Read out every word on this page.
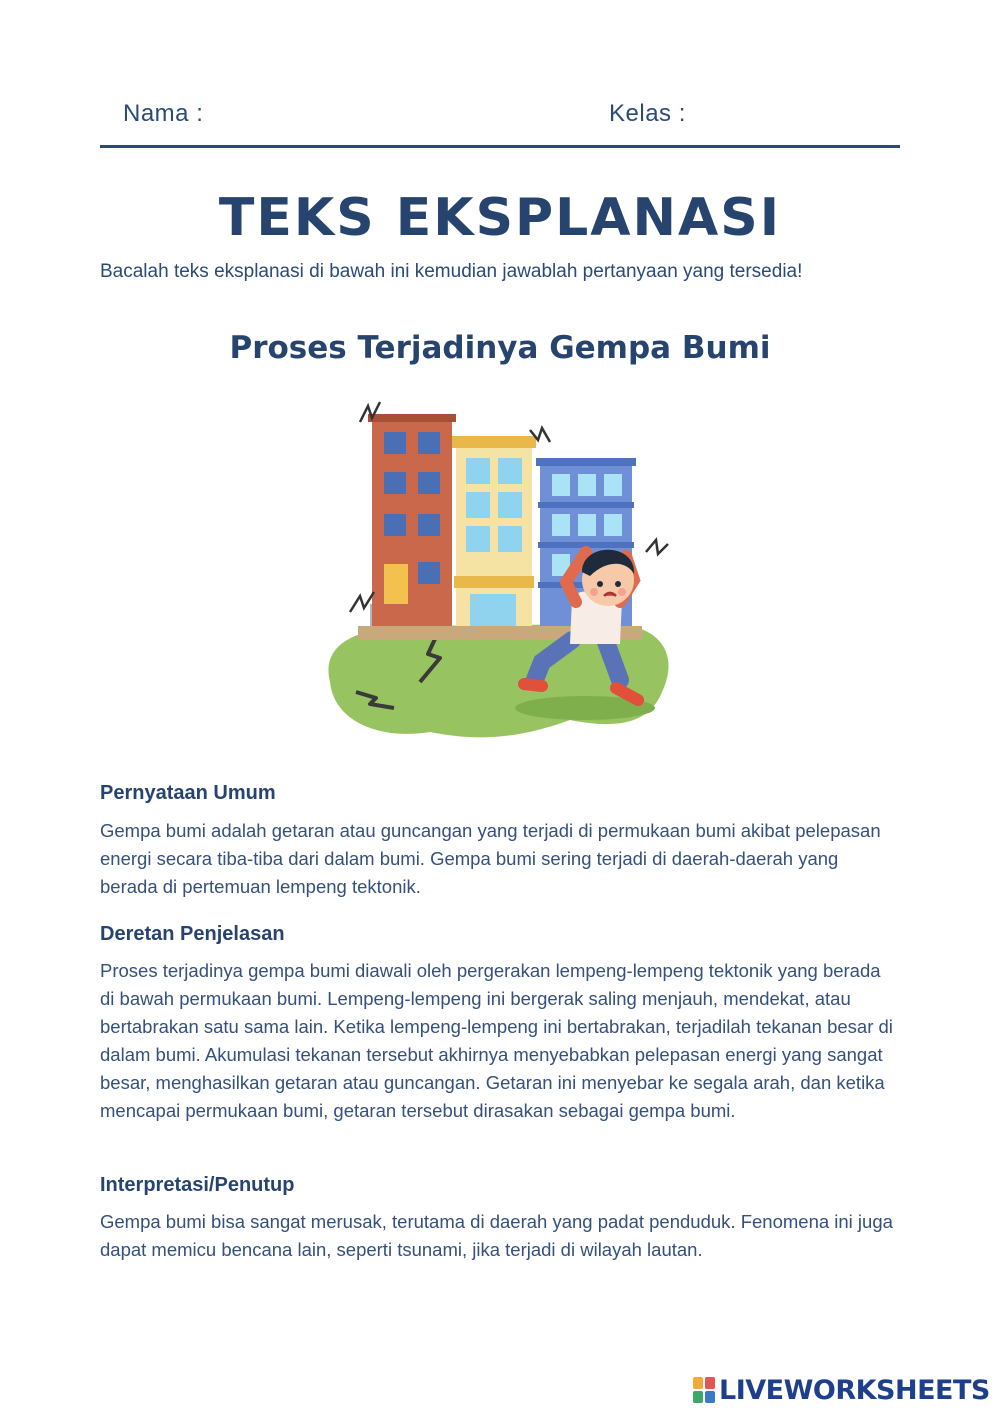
Nama :	Kelas :
TEKS EKSPLANASI
Bacalah teks eksplanasi di bawah ini kemudian jawablah pertanyaan yang tersedia!
Proses Terjadinya Gempa Bumi
Pernyataan Umum
Gempa bumi adalah getaran atau guncangan yang terjadi di permukaan bumi akibat pelepasan energi secara tiba-tiba dari dalam bumi. Gempa bumi sering terjadi di daerah-daerah yang berada di pertemuan lempeng tektonik.
Deretan Penjelasan
Proses terjadinya gempa bumi diawali oleh pergerakan lempeng-lempeng tektonik yang berada di bawah permukaan bumi. Lempeng-lempeng ini bergerak saling menjauh, mendekat, atau bertabrakan satu sama lain. Ketika lempeng-lempeng ini bertabrakan, terjadilah tekanan besar di dalam bumi. Akumulasi tekanan tersebut akhirnya menyebabkan pelepasan energi yang sangat besar, menghasilkan getaran atau guncangan. Getaran ini menyebar ke segala arah, dan ketika mencapai permukaan bumi, getaran tersebut dirasakan sebagai gempa bumi.
Interpretasi/Penutup
Gempa bumi bisa sangat merusak, terutama di daerah yang padat penduduk. Fenomena ini juga dapat memicu bencana lain, seperti tsunami, jika terjadi di wilayah lautan.
LIVEWORKSHEETS
